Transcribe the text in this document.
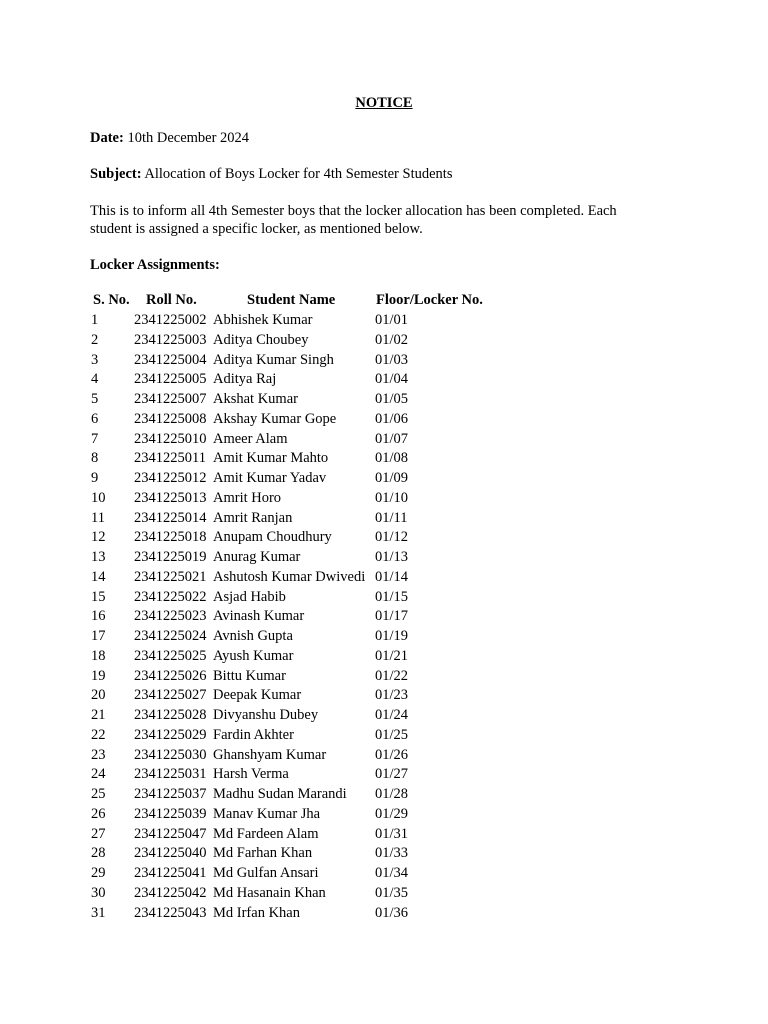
NOTICE
Date: 10th December 2024
Subject: Allocation of Boys Locker for 4th Semester Students
This is to inform all 4th Semester boys that the locker allocation has been completed. Each student is assigned a specific locker, as mentioned below.
Locker Assignments:
S. No. Roll No.	Student Name	Floor/Locker No.
1 2341225002 Abhishek Kumar	01/01
2 2341225003 Aditya Choubey	01/02
3 2341225004 Aditya Kumar Singh	01/03
4 2341225005 Aditya Raj	01/04
5 2341225007 Akshat Kumar	01/05
6 2341225008 Akshay Kumar Gope	01/06
7 2341225010 Ameer Alam	01/07
8 2341225011 Amit Kumar Mahto	01/08
9 2341225012 Amit Kumar Yadav	01/09
10 2341225013 Amrit Horo	01/10
11 2341225014 Amrit Ranjan	01/11
12 2341225018 Anupam Choudhury	01/12
13 2341225019 Anurag Kumar	01/13
14 2341225021 Ashutosh Kumar Dwivedi 01/14
15 2341225022 Asjad Habib	01/15
16 2341225023 Avinash Kumar	01/17
17 2341225024 Avnish Gupta	01/19
18 2341225025 Ayush Kumar	01/21
19 2341225026 Bittu Kumar	01/22
20 2341225027 Deepak Kumar	01/23
21 2341225028 Divyanshu Dubey	01/24
22 2341225029 Fardin Akhter	01/25
23 2341225030 Ghanshyam Kumar	01/26
24 2341225031 Harsh Verma	01/27
25 2341225037 Madhu Sudan Marandi 01/28
26 2341225039 Manav Kumar Jha	01/29
27 2341225047 Md Fardeen Alam	01/31
28 2341225040 Md Farhan Khan	01/33
29 2341225041 Md Gulfan Ansari	01/34
30 2341225042 Md Hasanain Khan	01/35
31 2341225043 Md Irfan Khan	01/36
